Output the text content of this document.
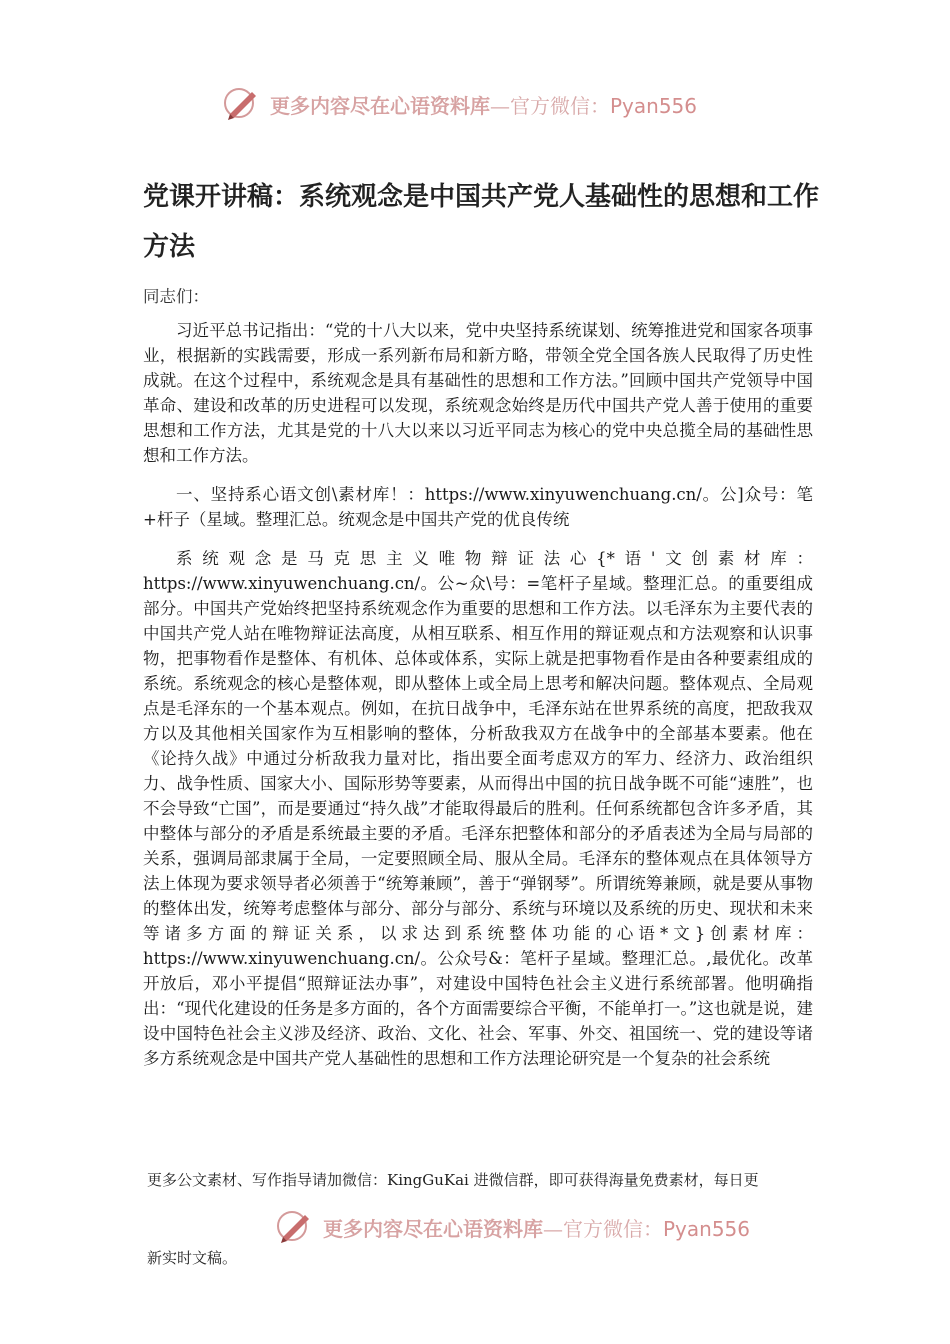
更多内容尽在心语资料库—官方微信：Pyan556
党课开讲稿：系统观念是中国共产党人基础性的思想和工作方法
同志们：

习近平总书记指出：“党的十八大以来，党中央坚持系统谋划、统筹推进党和国家各项事业，根据新的实践需要，形成一系列新布局和新方略，带领全党全国各族人民取得了历史性成就。在这个过程中，系统观念是具有基础性的思想和工作方法。”回顾中国共产党领导中国革命、建设和改革的历史进程可以发现，系统观念始终是历代中国共产党人善于使用的重要思想和工作方法，尤其是党的十八大以来以习近平同志为核心的党中央总揽全局的基础性思想和工作方法。

一、坚持系心语文创\素材库！：https://www.xinyuwenchuang.cn/。公]众号：笔+杆子（星域。整理汇总。统观念是中国共产党的优良传统

系统观念是马克思主义唯物辩证法心{*语'文创素材库：https://www.xinyuwenchuang.cn/。公~众\号：=笔杆子星域。整理汇总。的重要组成部分。中国共产党始终把坚持系统观念作为重要的思想和工作方法。以毛泽东为主要代表的中国共产党人站在唯物辩证法高度，从相互联系、相互作用的辩证观点和方法观察和认识事物，把事物看作是整体、有机体、总体或体系，实际上就是把事物看作是由各种要素组成的系统。系统观念的核心是整体观，即从整体上或全局上思考和解决问题。整体观点、全局观点是毛泽东的一个基本观点。例如，在抗日战争中，毛泽东站在世界系统的高度，把敌我双方以及其他相关国家作为互相影响的整体，分析敌我双方在战争中的全部基本要素。他在《论持久战》中通过分析敌我力量对比，指出要全面考虑双方的军力、经济力、政治组织力、战争性质、国家大小、国际形势等要素，从而得出中国的抗日战争既不可能“速胜”，也不会导致“亡国”，而是要通过“持久战”才能取得最后的胜利。任何系统都包含许多矛盾，其中整体与部分的矛盾是系统最主要的矛盾。毛泽东把整体和部分的矛盾表述为全局与局部的关系，强调局部隶属于全局，一定要照顾全局、服从全局。毛泽东的整体观点在具体领导方法上体现为要求领导者必须善于“统筹兼顾”，善于“弹钢琴”。所谓统筹兼顾，就是要从事物的整体出发，统筹考虑整体与部分、部分与部分、系统与环境以及系统的历史、现状和未来等诸多方面的辩证关系，以求达到系统整体功能的心语*文}创素材库：https://www.xinyuwenchuang.cn/。公众号&：笔杆子星域。整理汇总。,最优化。改革开放后，邓小平提倡“照辩证法办事”，对建设中国特色社会主义进行系统部署。他明确指出：“现代化建设的任务是多方面的，各个方面需要综合平衡，不能单打一。”这也就是说，建设中国特色社会主义涉及经济、政治、文化、社会、军事、外交、祖国统一、党的建设等诸多方系统观念是中国共产党人基础性的思想和工作方法理论研究是一个复杂的社会系统

更多公文素材、写作指导请加微信：KingGuKai 进微信群，即可获得海量免费素材，每日更
更多内容尽在心语资料库—官方微信：Pyan556
新实时文稿。
